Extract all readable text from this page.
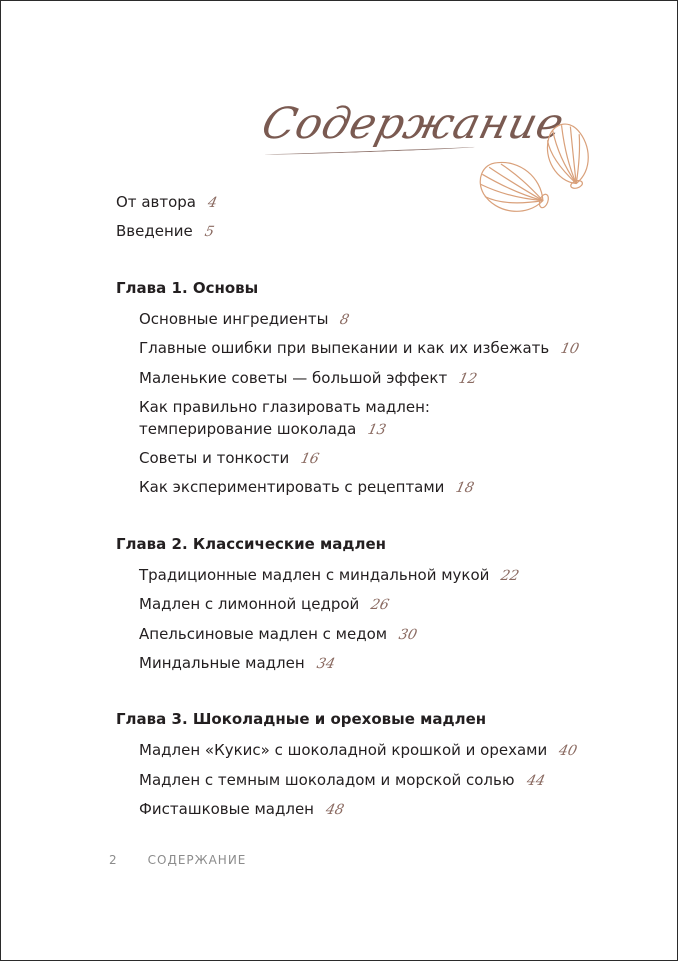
Содержание
От автора 4
Введение 5
Глава 1. Основы
Основные ингредиенты 8
Главные ошибки при выпекании и как их избежать 10
Маленькие советы — большой эффект 12
Как правильно глазировать мадлен: темперирование шоколада 13
Советы и тонкости 16
Как экспериментировать с рецептами 18
Глава 2. Классические мадлен
Традиционные мадлен с миндальной мукой 22
Мадлен с лимонной цедрой 26
Апельсиновые мадлен с медом 30
Миндальные мадлен 34
Глава 3. Шоколадные и ореховые мадлен
Мадлен «Кукис» с шоколадной крошкой и орехами 40
Мадлен с темным шоколадом и морской солью 44
Фисташковые мадлен 48
2	СОДЕРЖАНИЕ
